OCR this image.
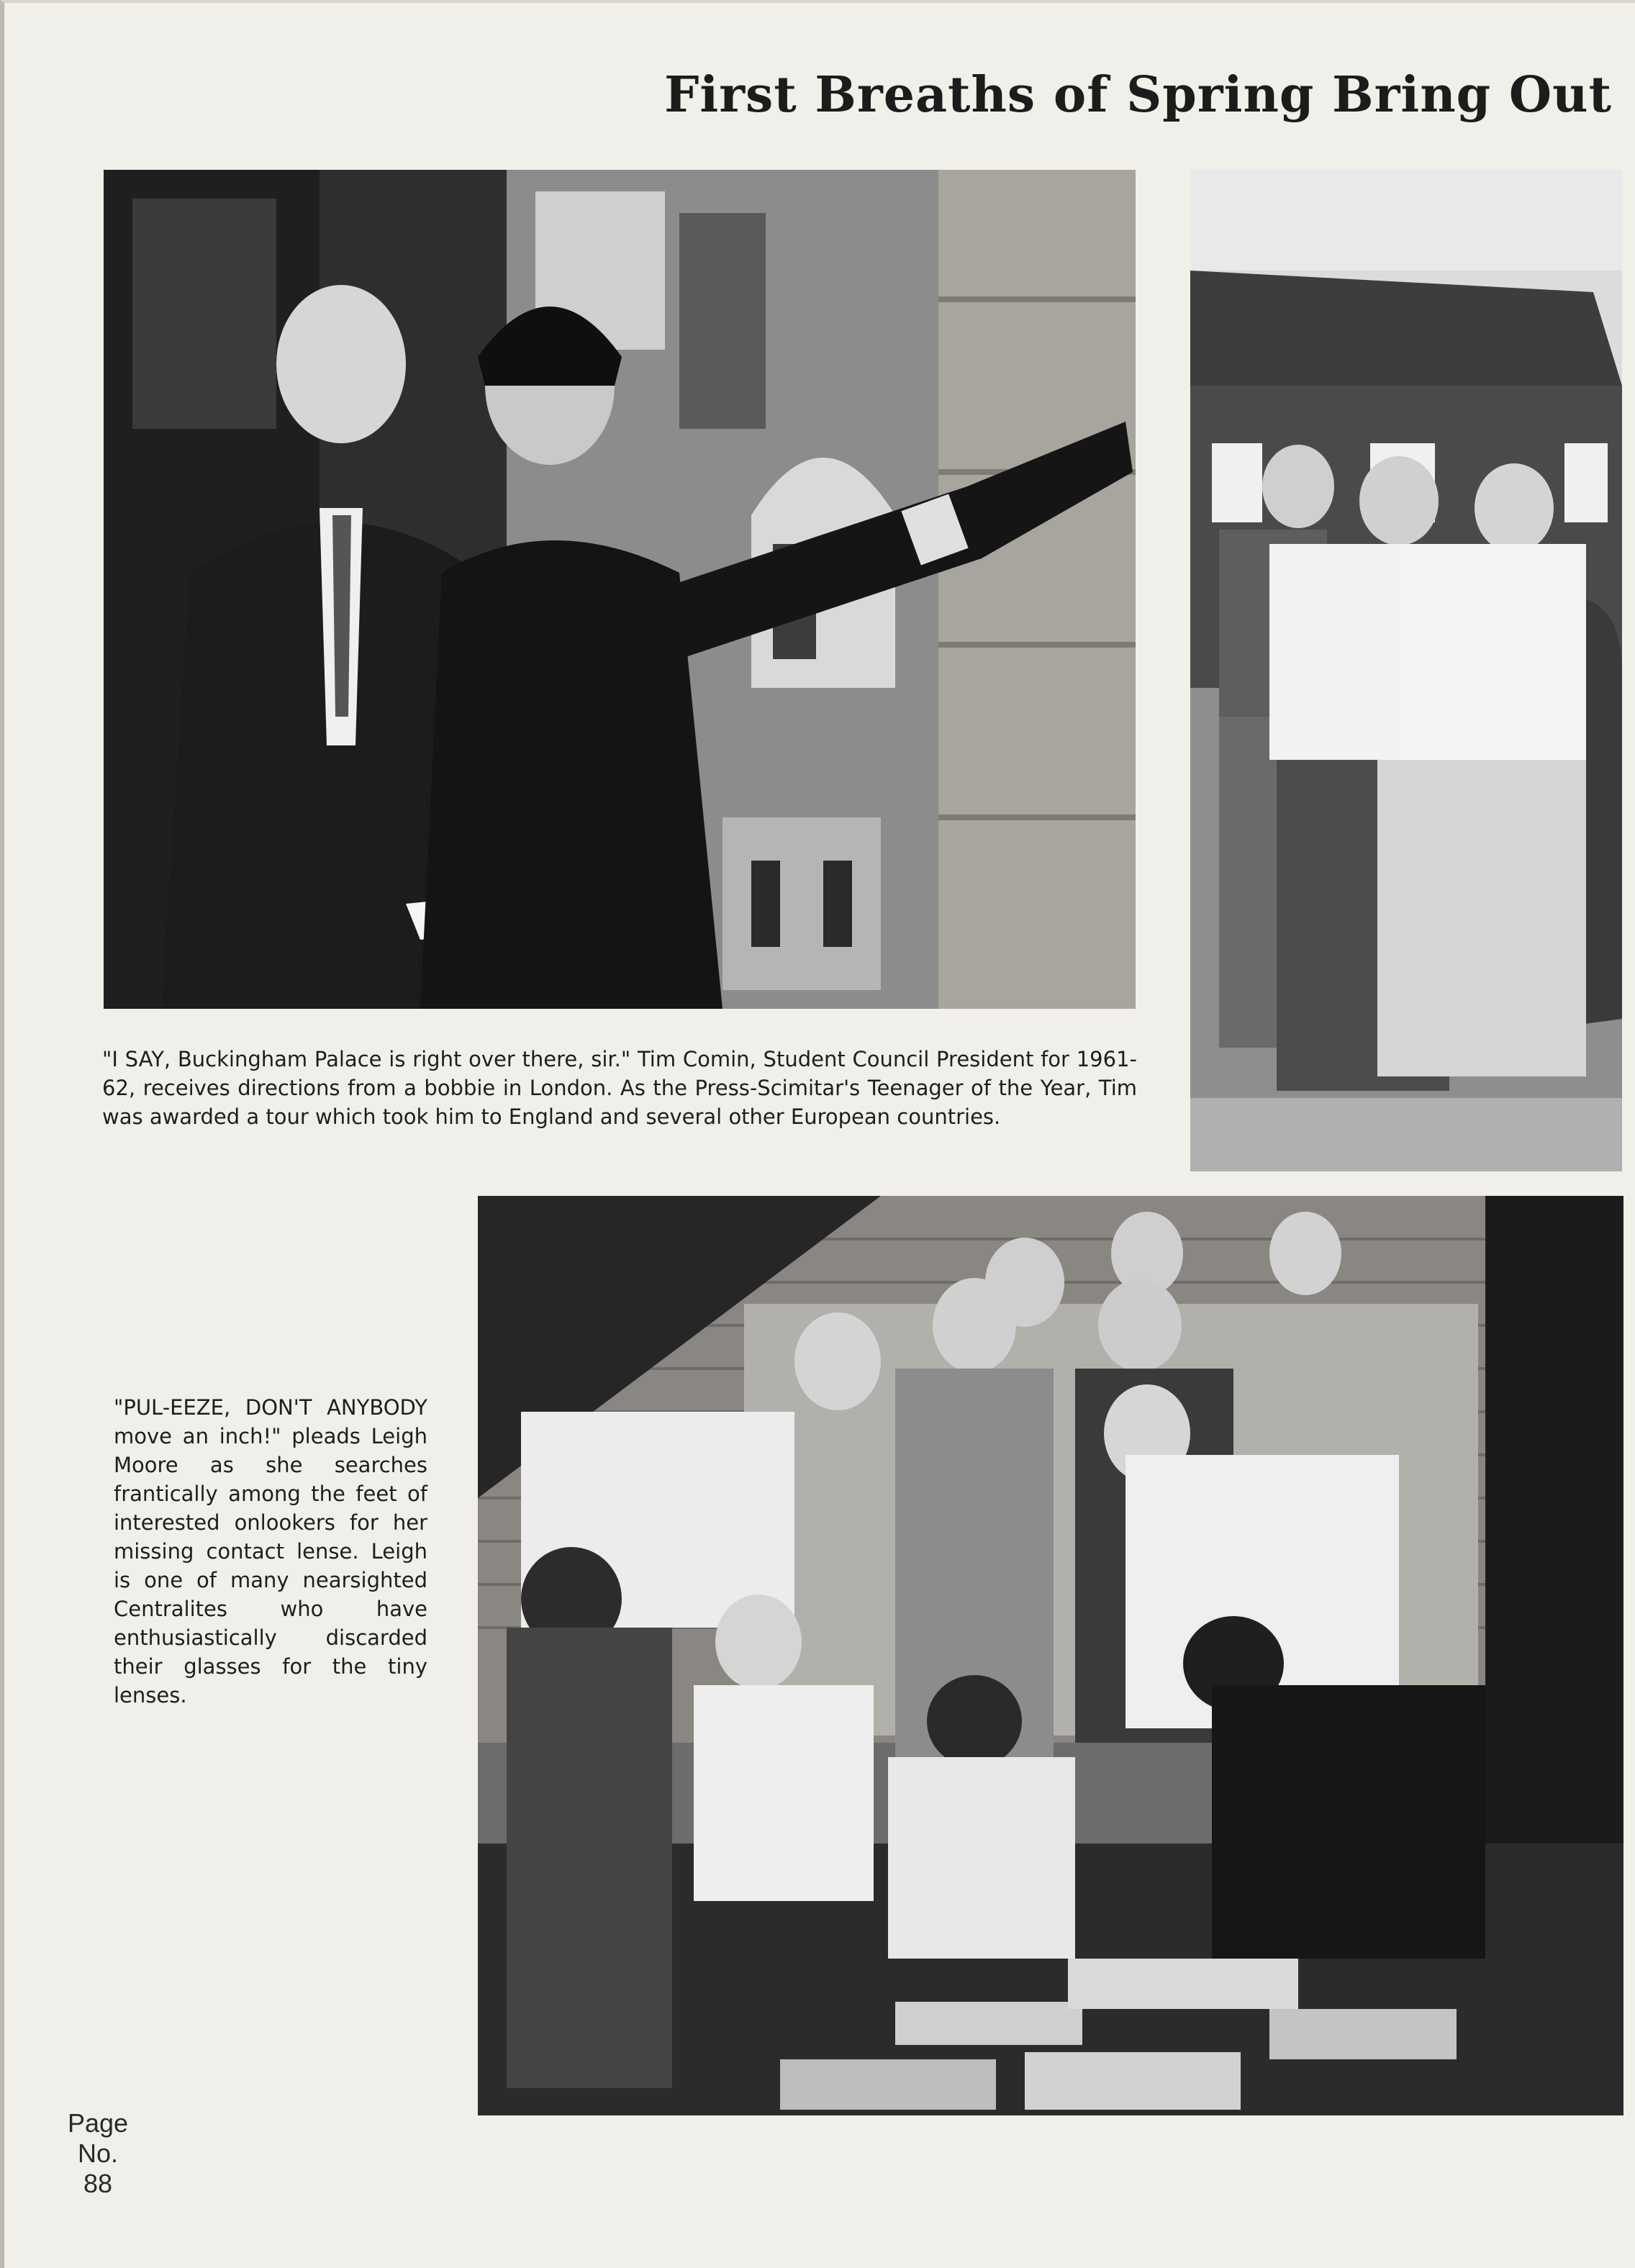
First Breaths of Spring Bring Out
"I SAY, Buckingham Palace is right over there, sir." Tim Comin, Student Council President for 1961-62, receives directions from a bobbie in London. As the Press-Scimitar's Teenager of the Year, Tim was awarded a tour which took him to England and several other European countries.
"PUL-EEZE, DON'T ANYBODY move an inch!" pleads Leigh Moore as she searches frantically among the feet of interested onlookers for her missing contact lense. Leigh is one of many nearsighted Centralites who have enthusiastically discarded their glasses for the tiny lenses.
Page
No.
88
